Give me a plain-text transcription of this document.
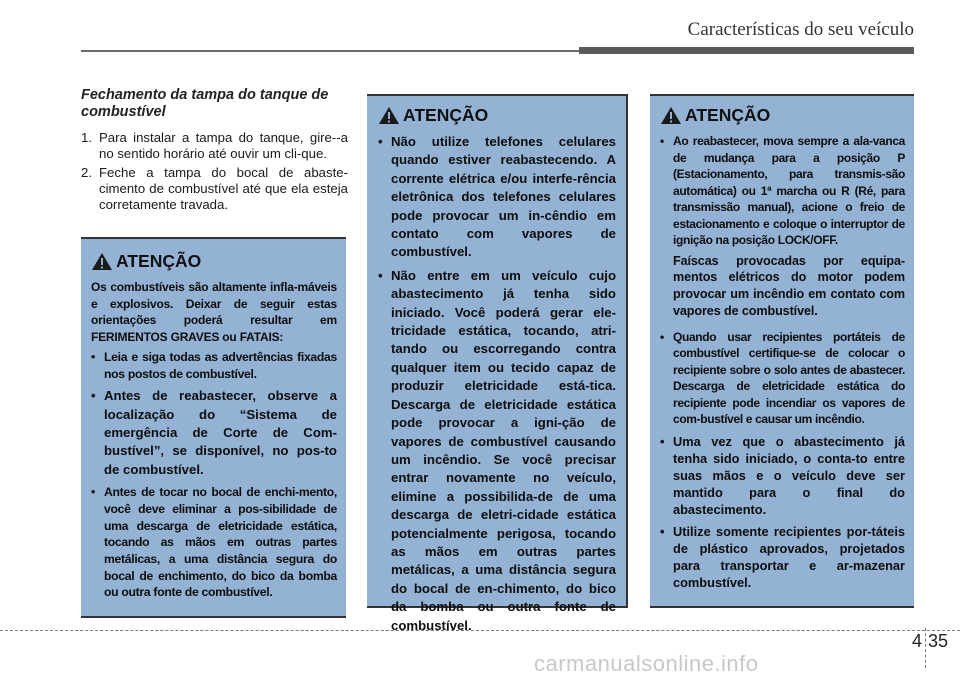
Características do seu veículo
Fechamento da tampa do tanque de combustível
1. Para instalar a tampa do tanque, gire--a no sentido horário até ouvir um cli-que.
2. Feche a tampa do bocal de abaste-cimento de combustível até que ela esteja corretamente travada.
ATENÇÃO

Os combustíveis são altamente infla-máveis e explosivos. Deixar de seguir estas orientações poderá resultar em FERIMENTOS GRAVES ou FATAIS:

• Leia e siga todas as advertências fixadas nos postos de combustível.
• Antes de reabastecer, observe a localização do “Sistema de emergência de Corte de Com-bustível”, se disponível, no pos-to de combustível.
• Antes de tocar no bocal de enchi-mento, você deve eliminar a pos-sibilidade de uma descarga de eletricidade estática, tocando as mãos em outras partes metálicas, a uma distância segura do bocal de enchimento, do bico da bomba ou outra fonte de combustível.
ATENÇÃO
• Não utilize telefones celulares quando estiver reabastecendo. A corrente elétrica e/ou interfe-rência eletrônica dos telefones celulares pode provocar um in-cêndio em contato com vapores de combustível.
• Não entre em um veículo cujo abastecimento já tenha sido iniciado. Você poderá gerar ele-tricidade estática, tocando, atri-tando ou escorregando contra qualquer item ou tecido capaz de produzir eletricidade está-tica. Descarga de eletricidade estática pode provocar a igni-ção de vapores de combustível causando um incêndio. Se você precisar entrar novamente no veículo, elimine a possibilida-de de uma descarga de eletri-cidade estática potencialmente perigosa, tocando as mãos em outras partes metálicas, a uma distância segura do bocal de en-chimento, do bico da bomba ou outra fonte de combustível.
ATENÇÃO
• Ao reabastecer, mova sempre a ala-vanca de mudança para a posição P (Estacionamento, para transmis-são automática) ou 1ª marcha ou R (Ré, para transmissão manual), acione o freio de estacionamento e coloque o interruptor de ignição na posição LOCK/OFF.

Faíscas provocadas por equipa-mentos elétricos do motor podem provocar um incêndio em contato com vapores de combustível.

• Quando usar recipientes portáteis de combustível certifique-se de colocar o recipiente sobre o solo antes de abastecer. Descarga de eletricidade estática do recipiente pode incendiar os vapores de com-bustível e causar um incêndio.
• Uma vez que o abastecimento já tenha sido iniciado, o conta-to entre suas mãos e o veículo deve ser mantido para o final do abastecimento.
• Utilize somente recipientes por-táteis de plástico aprovados, projetados para transportar e ar-mazenar combustível.
4 35
carmanualsonline.info
